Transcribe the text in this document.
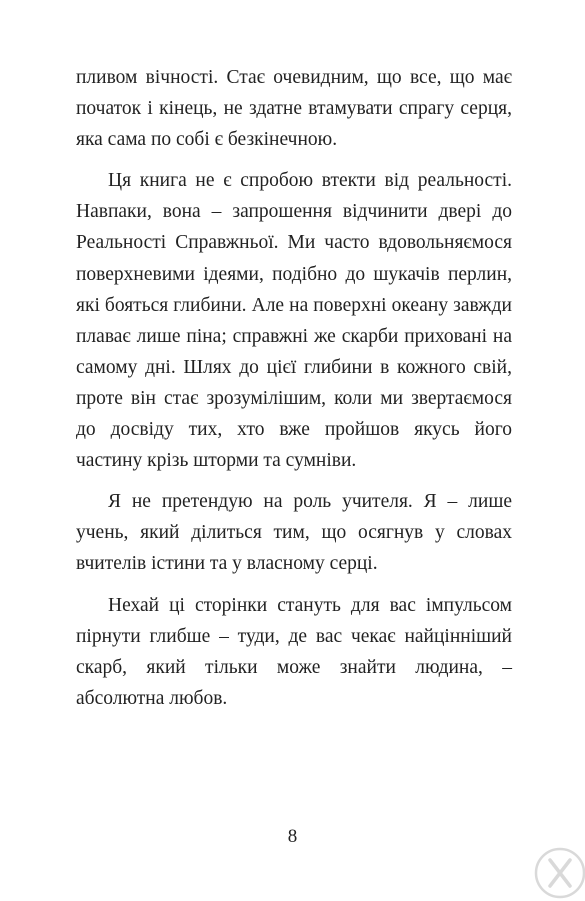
пливом вічності. Стає очевидним, що все, що має початок і кінець, не здатне втамувати спрагу серця, яка сама по собі є безкінечною.

Ця книга не є спробою втекти від реальності. Навпаки, вона – запрошення відчинити двері до Реальності Справжньої. Ми часто вдовольняємося поверхневими ідеями, подібно до шукачів перлин, які бояться глибини. Але на поверхні океану завжди плаває лише піна; справжні же скарби приховані на самому дні. Шлях до цієї глибини в кожного свій, проте він стає зрозумілішим, коли ми звертаємося до досвіду тих, хто вже пройшов якусь його частину крізь шторми та сумніви.

Я не претендую на роль учителя. Я – лише учень, який ділиться тим, що осягнув у словах вчителів істини та у власному серці.

Нехай ці сторінки стануть для вас імпульсом пірнути глибше – туди, де вас чекає найцінніший скарб, який тільки може знайти людина, – абсолютна любов.

8
